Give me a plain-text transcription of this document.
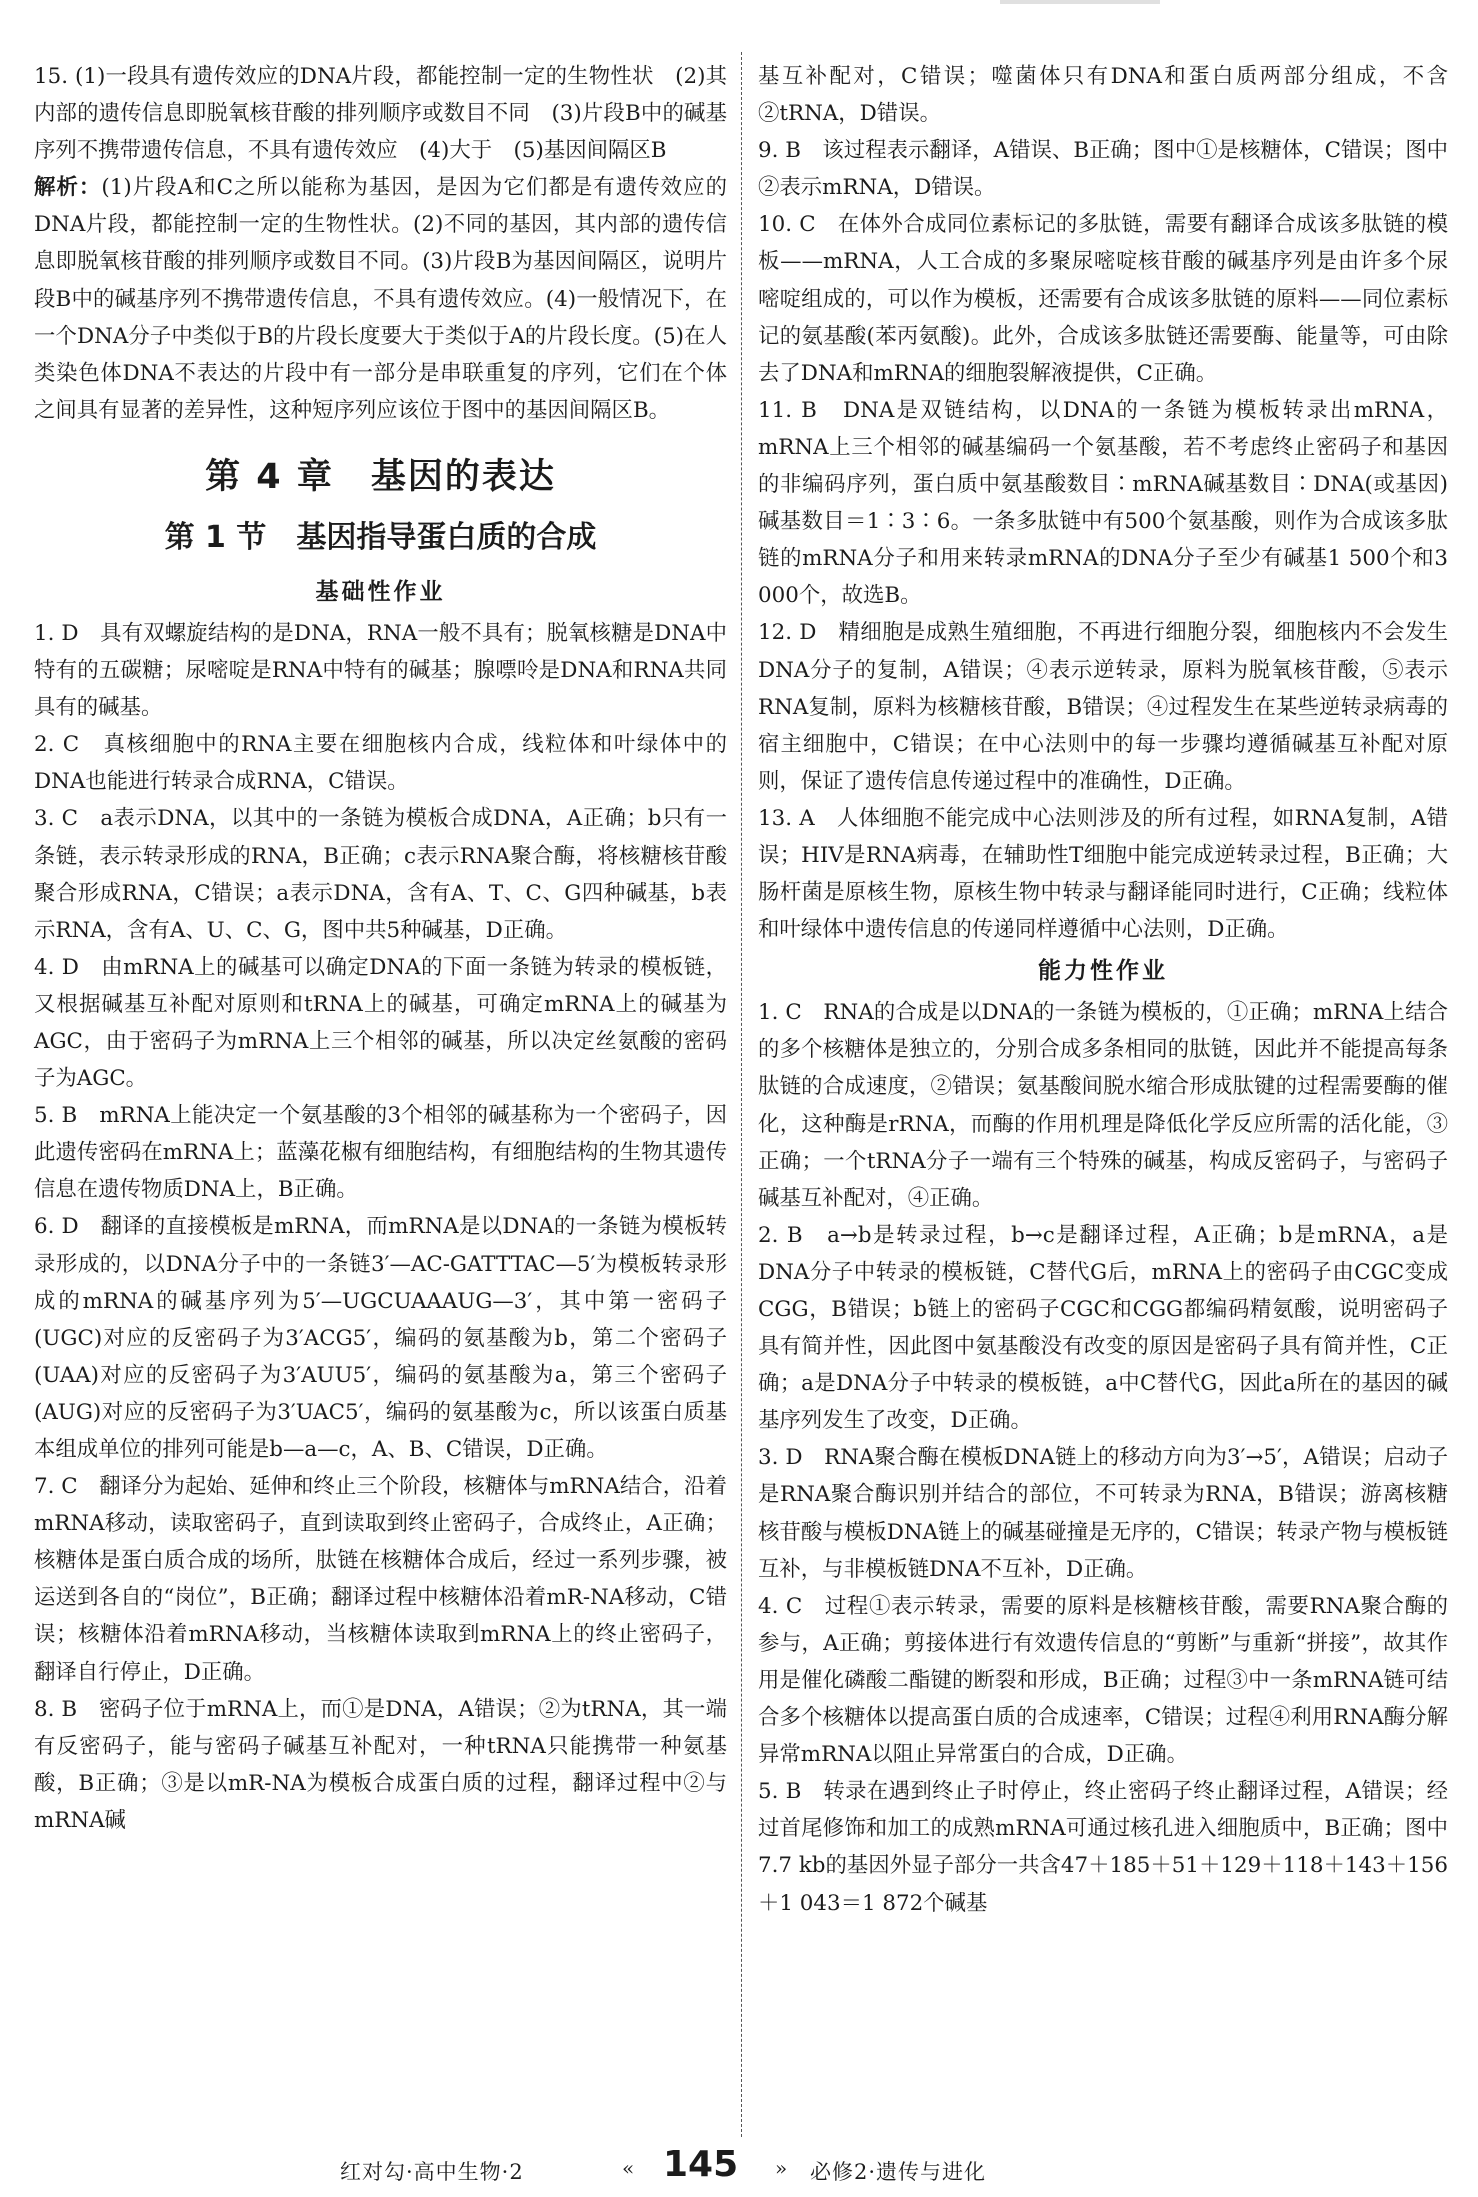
15. (1)一段具有遗传效应的DNA片段，都能控制一定的生物性状　(2)其内部的遗传信息即脱氧核苷酸的排列顺序或数目不同　(3)片段B中的碱基序列不携带遗传信息，不具有遗传效应　(4)大于　(5)基因间隔区B

解析：(1)片段A和C之所以能称为基因，是因为它们都是有遗传效应的DNA片段，都能控制一定的生物性状。(2)不同的基因，其内部的遗传信息即脱氧核苷酸的排列顺序或数目不同。(3)片段B为基因间隔区，说明片段B中的碱基序列不携带遗传信息，不具有遗传效应。(4)一般情况下，在一个DNA分子中类似于B的片段长度要大于类似于A的片段长度。(5)在人类染色体DNA不表达的片段中有一部分是串联重复的序列，它们在个体之间具有显著的差异性，这种短序列应该位于图中的基因间隔区B。

第 4 章　基因的表达
第 1 节　基因指导蛋白质的合成
基础性作业

1. D　具有双螺旋结构的是DNA，RNA一般不具有；脱氧核糖是DNA中特有的五碳糖；尿嘧啶是RNA中特有的碱基；腺嘌呤是DNA和RNA共同具有的碱基。

2. C　真核细胞中的RNA主要在细胞核内合成，线粒体和叶绿体中的DNA也能进行转录合成RNA，C错误。

3. C　a表示DNA，以其中的一条链为模板合成DNA，A正确；b只有一条链，表示转录形成的RNA，B正确；c表示RNA聚合酶，将核糖核苷酸聚合形成RNA，C错误；a表示DNA，含有A、T、C、G四种碱基，b表示RNA，含有A、U、C、G，图中共5种碱基，D正确。

4. D　由mRNA上的碱基可以确定DNA的下面一条链为转录的模板链，又根据碱基互补配对原则和tRNA上的碱基，可确定mRNA上的碱基为AGC，由于密码子为mRNA上三个相邻的碱基，所以决定丝氨酸的密码子为AGC。

5. B　mRNA上能决定一个氨基酸的3个相邻的碱基称为一个密码子，因此遗传密码在mRNA上；蓝藻花椒有细胞结构，有细胞结构的生物其遗传信息在遗传物质DNA上，B正确。

6. D　翻译的直接模板是mRNA，而mRNA是以DNA的一条链为模板转录形成的，以DNA分子中的一条链3′—AC-GATTTAC—5′为模板转录形成的mRNA的碱基序列为5′—UGCUAAAUG—3′，其中第一密码子(UGC)对应的反密码子为3′ACG5′，编码的氨基酸为b，第二个密码子(UAA)对应的反密码子为3′AUU5′，编码的氨基酸为a，第三个密码子(AUG)对应的反密码子为3′UAC5′，编码的氨基酸为c，所以该蛋白质基本组成单位的排列可能是b—a—c，A、B、C错误，D正确。

7. C　翻译分为起始、延伸和终止三个阶段，核糖体与mRNA结合，沿着mRNA移动，读取密码子，直到读取到终止密码子，合成终止，A正确；核糖体是蛋白质合成的场所，肽链在核糖体合成后，经过一系列步骤，被运送到各自的“岗位”，B正确；翻译过程中核糖体沿着mR-NA移动，C错误；核糖体沿着mRNA移动，当核糖体读取到mRNA上的终止密码子，翻译自行停止，D正确。

8. B　密码子位于mRNA上，而①是DNA，A错误；②为tRNA，其一端有反密码子，能与密码子碱基互补配对，一种tRNA只能携带一种氨基酸，B正确；③是以mR-NA为模板合成蛋白质的过程，翻译过程中②与mRNA碱

基互补配对，C错误；噬菌体只有DNA和蛋白质两部分组成，不含②tRNA，D错误。

9. B　该过程表示翻译，A错误、B正确；图中①是核糖体，C错误；图中②表示mRNA，D错误。

10. C　在体外合成同位素标记的多肽链，需要有翻译合成该多肽链的模板——mRNA，人工合成的多聚尿嘧啶核苷酸的碱基序列是由许多个尿嘧啶组成的，可以作为模板，还需要有合成该多肽链的原料——同位素标记的氨基酸(苯丙氨酸)。此外，合成该多肽链还需要酶、能量等，可由除去了DNA和mRNA的细胞裂解液提供，C正确。

11. B　DNA是双链结构，以DNA的一条链为模板转录出mRNA，mRNA上三个相邻的碱基编码一个氨基酸，若不考虑终止密码子和基因的非编码序列，蛋白质中氨基酸数目∶mRNA碱基数目∶DNA(或基因)碱基数目＝1∶3∶6。一条多肽链中有500个氨基酸，则作为合成该多肽链的mRNA分子和用来转录mRNA的DNA分子至少有碱基1 500个和3 000个，故选B。

12. D　精细胞是成熟生殖细胞，不再进行细胞分裂，细胞核内不会发生DNA分子的复制，A错误；④表示逆转录，原料为脱氧核苷酸，⑤表示RNA复制，原料为核糖核苷酸，B错误；④过程发生在某些逆转录病毒的宿主细胞中，C错误；在中心法则中的每一步骤均遵循碱基互补配对原则，保证了遗传信息传递过程中的准确性，D正确。

13. A　人体细胞不能完成中心法则涉及的所有过程，如RNA复制，A错误；HIV是RNA病毒，在辅助性T细胞中能完成逆转录过程，B正确；大肠杆菌是原核生物，原核生物中转录与翻译能同时进行，C正确；线粒体和叶绿体中遗传信息的传递同样遵循中心法则，D正确。

能力性作业

1. C　RNA的合成是以DNA的一条链为模板的，①正确；mRNA上结合的多个核糖体是独立的，分别合成多条相同的肽链，因此并不能提高每条肽链的合成速度，②错误；氨基酸间脱水缩合形成肽键的过程需要酶的催化，这种酶是rRNA，而酶的作用机理是降低化学反应所需的活化能，③正确；一个tRNA分子一端有三个特殊的碱基，构成反密码子，与密码子碱基互补配对，④正确。

2. B　a→b是转录过程，b→c是翻译过程，A正确；b是mRNA，a是DNA分子中转录的模板链，C替代G后，mRNA上的密码子由CGC变成CGG，B错误；b链上的密码子CGC和CGG都编码精氨酸，说明密码子具有简并性，因此图中氨基酸没有改变的原因是密码子具有简并性，C正确；a是DNA分子中转录的模板链，a中C替代G，因此a所在的基因的碱基序列发生了改变，D正确。

3. D　RNA聚合酶在模板DNA链上的移动方向为3′→5′，A错误；启动子是RNA聚合酶识别并结合的部位，不可转录为RNA，B错误；游离核糖核苷酸与模板DNA链上的碱基碰撞是无序的，C错误；转录产物与模板链互补，与非模板链DNA不互补，D正确。

4. C　过程①表示转录，需要的原料是核糖核苷酸，需要RNA聚合酶的参与，A正确；剪接体进行有效遗传信息的“剪断”与重新“拼接”，故其作用是催化磷酸二酯键的断裂和形成，B正确；过程③中一条mRNA链可结合多个核糖体以提高蛋白质的合成速率，C错误；过程④利用RNA酶分解异常mRNA以阻止异常蛋白的合成，D正确。

5. B　转录在遇到终止子时停止，终止密码子终止翻译过程，A错误；经过首尾修饰和加工的成熟mRNA可通过核孔进入细胞质中，B正确；图中7.7 kb的基因外显子部分一共含47＋185＋51＋129＋118＋143＋156＋1 043＝1 872个碱基

红对勾·高中生物·2	« 145 » 必修2·遗传与进化
